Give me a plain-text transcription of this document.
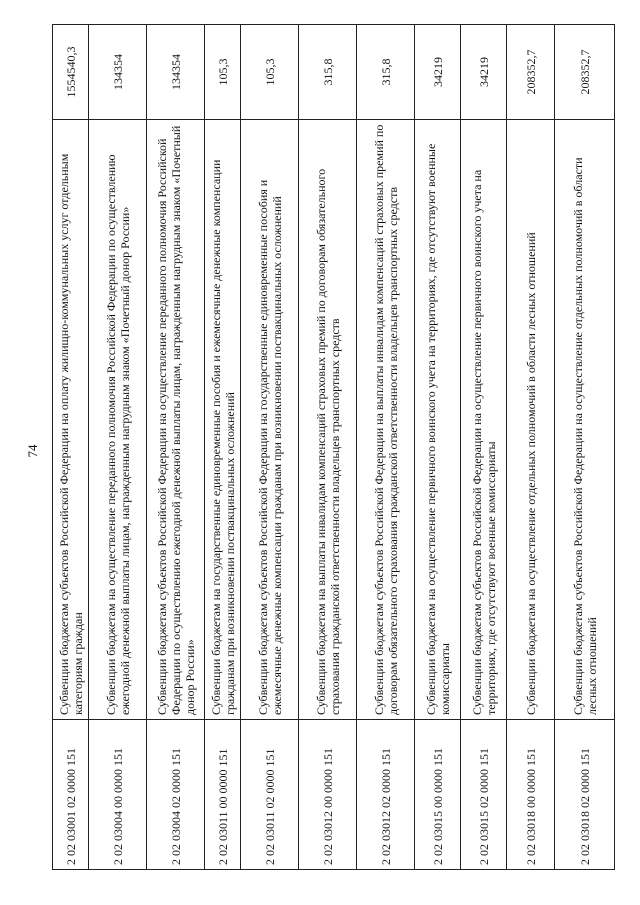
74
2 02 03001 02 0000 151	Субвенции бюджетам субъектов Российской Федерации на оплату жилищно-коммунальных услуг отдельным категориям граждан	1554540,3
2 02 03004 00 0000 151	Субвенции бюджетам на осуществление переданного полномочия Российской Федерации по осуществлению ежегодной денежной выплаты лицам, награжденным нагрудным знаком «Почетный донор России»	134354
2 02 03004 02 0000 151	Субвенции бюджетам субъектов Российской Федерации на осуществление переданного полномочия Российской Федерации по осуществлению ежегодной денежной выплаты лицам, награжденным нагрудным знаком «Почетный донор России»	134354
2 02 03011 00 0000 151	Субвенции бюджетам на государственные единовременные пособия и ежемесячные денежные компенсации гражданам при возникновении поствакцинальных осложнений	105,3
2 02 03011 02 0000 151	Субвенции бюджетам субъектов Российской Федерации на государственные единовременные пособия и ежемесячные денежные компенсации гражданам при возникновении поствакцинальных осложнений	105,3
2 02 03012 00 0000 151	Субвенции бюджетам на выплаты инвалидам компенсаций страховых премий по договорам обязательного страхования гражданской ответственности владельцев транспортных средств	315,8
2 02 03012 02 0000 151	Субвенции бюджетам субъектов Российской Федерации на выплаты инвалидам компенсаций страховых премий по договорам обязательного страхования гражданской ответственности владельцев транспортных средств	315,8
2 02 03015 00 0000 151	Субвенции бюджетам на осуществление первичного воинского учета на территориях, где отсутствуют военные комиссариаты	34219
2 02 03015 02 0000 151	Субвенции бюджетам субъектов Российской Федерации на осуществление первичного воинского учета на территориях, где отсутствуют военные комиссариаты	34219
2 02 03018 00 0000 151	Субвенции бюджетам на осуществление отдельных полномочий в области лесных отношений	208352,7
2 02 03018 02 0000 151	Субвенции бюджетам субъектов Российской Федерации на осуществление отдельных полномочий в области лесных отношений	208352,7
